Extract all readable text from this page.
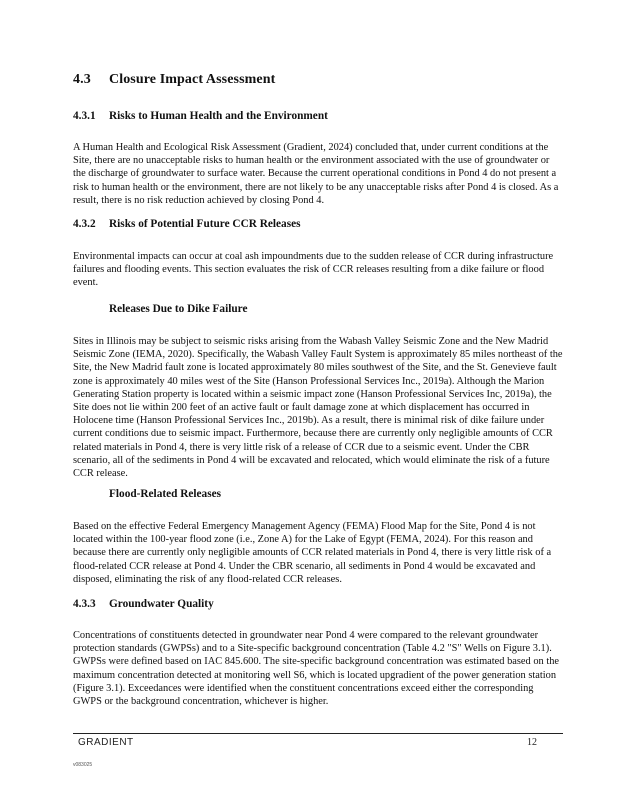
4.3 Closure Impact Assessment
4.3.1 Risks to Human Health and the Environment

A Human Health and Ecological Risk Assessment (Gradient, 2024) concluded that, under current conditions at the Site, there are no unacceptable risks to human health or the environment associated with the use of groundwater or the discharge of groundwater to surface water. Because the current operational conditions in Pond 4 do not present a risk to human health or the environment, there are not likely to be any unacceptable risks after Pond 4 is closed. As a result, there is no risk reduction achieved by closing Pond 4.

4.3.2 Risks of Potential Future CCR Releases

Environmental impacts can occur at coal ash impoundments due to the sudden release of CCR during infrastructure failures and flooding events. This section evaluates the risk of CCR releases resulting from a dike failure or flood event.

Releases Due to Dike Failure

Sites in Illinois may be subject to seismic risks arising from the Wabash Valley Seismic Zone and the New Madrid Seismic Zone (IEMA, 2020). Specifically, the Wabash Valley Fault System is approximately 85 miles northeast of the Site, the New Madrid fault zone is located approximately 80 miles southwest of the Site, and the St. Genevieve fault zone is approximately 40 miles west of the Site (Hanson Professional Services Inc., 2019a). Although the Marion Generating Station property is located within a seismic impact zone (Hanson Professional Services Inc, 2019a), the Site does not lie within 200 feet of an active fault or fault damage zone at which displacement has occurred in Holocene time (Hanson Professional Services Inc., 2019b). As a result, there is minimal risk of dike failure under current conditions due to seismic impact. Furthermore, because there are currently only negligible amounts of CCR related materials in Pond 4, there is very little risk of a release of CCR due to a seismic event. Under the CBR scenario, all of the sediments in Pond 4 will be excavated and relocated, which would eliminate the risk of a future CCR release.

Flood-Related Releases

Based on the effective Federal Emergency Management Agency (FEMA) Flood Map for the Site, Pond 4 is not located within the 100-year flood zone (i.e., Zone A) for the Lake of Egypt (FEMA, 2024). For this reason and because there are currently only negligible amounts of CCR related materials in Pond 4, there is very little risk of a flood-related CCR release at Pond 4. Under the CBR scenario, all sediments in Pond 4 would be excavated and disposed, eliminating the risk of any flood-related CCR releases.

4.3.3 Groundwater Quality

Concentrations of constituents detected in groundwater near Pond 4 were compared to the relevant groundwater protection standards (GWPSs) and to a Site-specific background concentration (Table 4.2 "S" Wells on Figure 3.1). GWPSs were defined based on IAC 845.600. The site-specific background concentration was estimated based on the maximum concentration detected at monitoring well S6, which is located upgradient of the power generation station (Figure 3.1). Exceedances were identified when the constituent concentrations exceed either the corresponding GWPS or the background concentration, whichever is higher.

GRADIENT	12
v083025
